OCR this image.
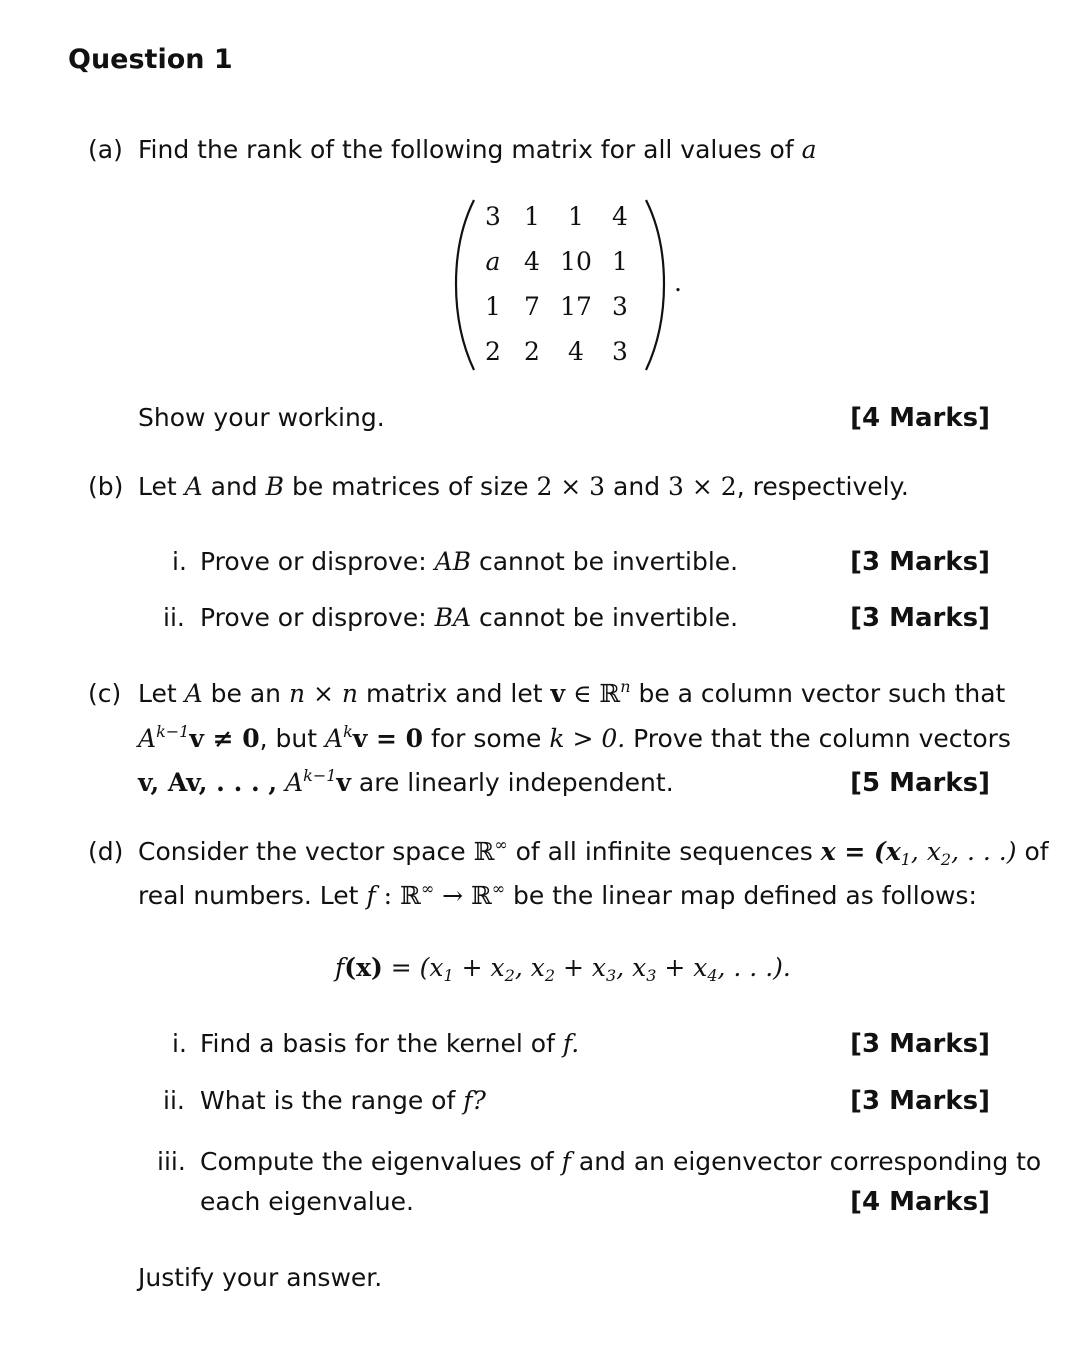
Question 1
(a) Find the rank of the following matrix for all values of a
3 1	1	4
a 4 10 1
1 7 17 3
2 2	4	3
.
Show your working.	[4 Marks]
(b) Let A and B be matrices of size 2 × 3 and 3 × 2, respectively.
i. Prove or disprove: AB cannot be invertible.	[3 Marks]
ii. Prove or disprove: BA cannot be invertible.	[3 Marks]
(c) Let A be an n × n matrix and let v ∈ ℝ$^n$ be a column vector such that
$A^{k-1}v \ne 0$, but $A^kv = 0$ for some k > 0. Prove that the column vectors
v, Av, . . . , $A^{k-1}v$ are linearly independent.	[5 Marks]
(d) Consider the vector space ℝ∞ of all infinite sequences $x = (x_1$, $x_2$, . . .) of
real numbers. Let f : ℝ∞ → ℝ∞ be the linear map defined as follows:
$f(x) = (x_1 + x_2$, $x_2 + x_3$, $x_3 + x_4$, . . .).
i. Find a basis for the kernel of f.	[3 Marks]
ii. What is the range of f?	[3 Marks]
iii. Compute the eigenvalues of f and an eigenvector corresponding to
each eigenvalue.	[4 Marks]
Justify your answer.
